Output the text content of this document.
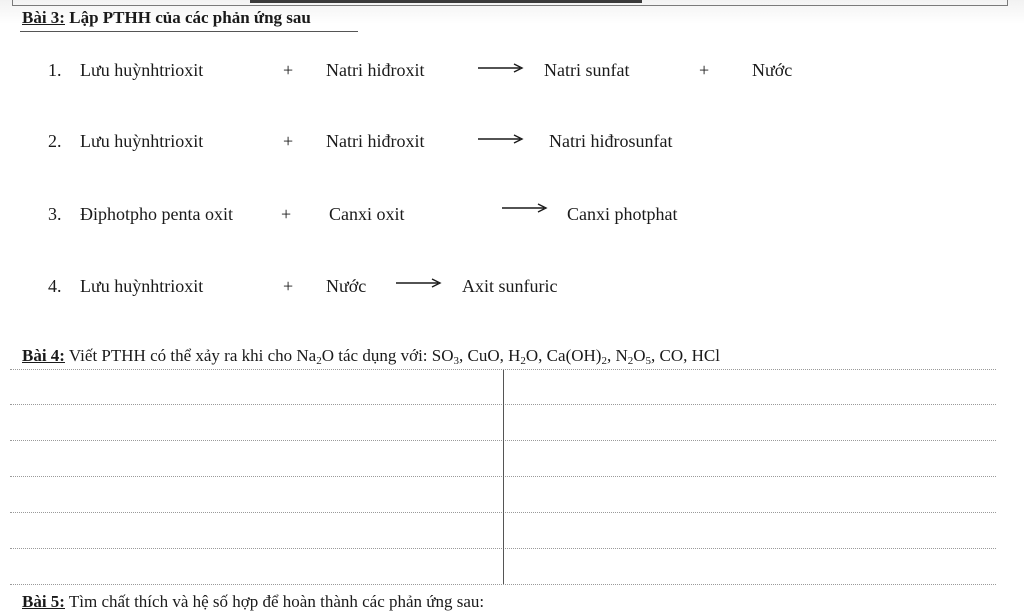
Bài 3: Lập PTHH của các phản ứng sau
1. Lưu huỳnhtrioxit	+ Natri hiđroxit	Natri sunfat	+ Nước
2. Lưu huỳnhtrioxit	+ Natri hiđroxit	Natri hiđrosunfat
3. Điphotpho penta oxit	+ Canxi oxit	Canxi photphat
4. Lưu huỳnhtrioxit	+ Nước	Axit sunfuric
Bài 4: Viết PTHH có thể xảy ra khi cho $Na_2O$ tác dụng với: $SO_3$, CuO, $H_2O$, $Ca(OH)_2$, $N_2O_5$, CO, HCl
Bài 5: Tìm chất thích và hệ số hợp để hoàn thành các phản ứng sau:
